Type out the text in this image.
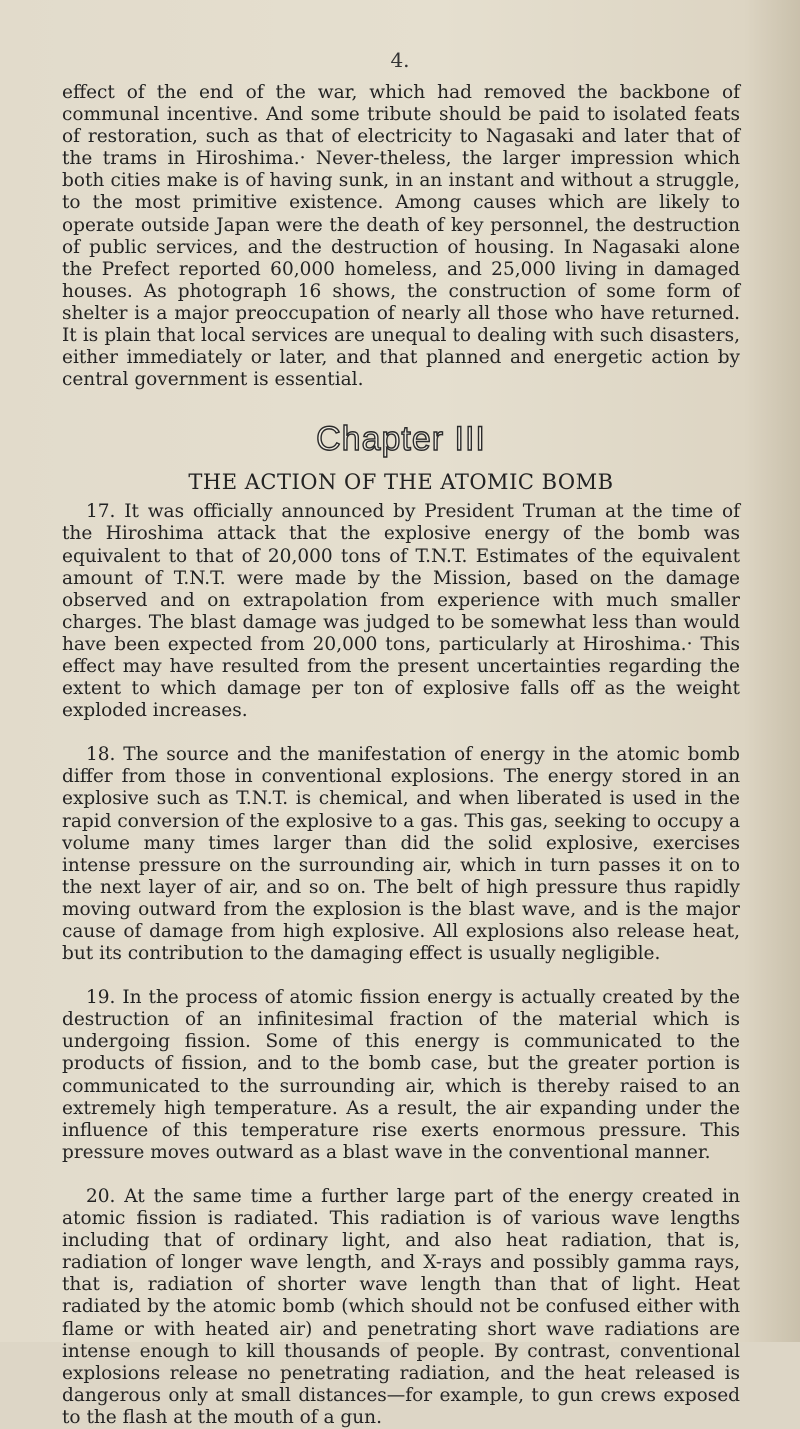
4.

effect of the end of the war, which had removed the backbone of communal incentive. And some tribute should be paid to isolated feats of restoration, such as that of electricity to Nagasaki and later that of the trams in Hiroshima.· Never-theless, the larger impression which both cities make is of having sunk, in an instant and without a struggle, to the most primitive existence. Among causes which are likely to operate outside Japan were the death of key personnel, the destruction of public services, and the destruction of housing. In Nagasaki alone the Prefect reported 60,000 homeless, and 25,000 living in damaged houses. As photograph 16 shows, the construction of some form of shelter is a major preoccupation of nearly all those who have returned. It is plain that local services are unequal to dealing with such disasters, either immediately or later, and that planned and energetic action by central government is essential.

Chapter III
THE ACTION OF THE ATOMIC BOMB

17. It was officially announced by President Truman at the time of the Hiroshima attack that the explosive energy of the bomb was equivalent to that of 20,000 tons of T.N.T. Estimates of the equivalent amount of T.N.T. were made by the Mission, based on the damage observed and on extrapolation from experience with much smaller charges. The blast damage was judged to be somewhat less than would have been expected from 20,000 tons, particularly at Hiroshima.· This effect may have resulted from the present uncertainties regarding the extent to which damage per ton of explosive falls off as the weight exploded increases.

18. The source and the manifestation of energy in the atomic bomb differ from those in conventional explosions. The energy stored in an explosive such as T.N.T. is chemical, and when liberated is used in the rapid conversion of the explosive to a gas. This gas, seeking to occupy a volume many times larger than did the solid explosive, exercises intense pressure on the surrounding air, which in turn passes it on to the next layer of air, and so on. The belt of high pressure thus rapidly moving outward from the explosion is the blast wave, and is the major cause of damage from high explosive. All explosions also release heat, but its contribution to the damaging effect is usually negligible.

19. In the process of atomic fission energy is actually created by the destruction of an infinitesimal fraction of the material which is undergoing fission. Some of this energy is communicated to the products of fission, and to the bomb case, but the greater portion is communicated to the surrounding air, which is thereby raised to an extremely high temperature. As a result, the air expanding under the influence of this temperature rise exerts enormous pressure. This pressure moves outward as a blast wave in the conventional manner.

20. At the same time a further large part of the energy created in atomic fission is radiated. This radiation is of various wave lengths including that of ordinary light, and also heat radiation, that is, radiation of longer wave length, and X-rays and possibly gamma rays, that is, radiation of shorter wave length than that of light. Heat radiated by the atomic bomb (which should not be confused either with flame or with heated air) and penetrating short wave radiations are intense enough to kill thousands of people. By contrast, conventional explosions release no penetrating radiation, and the heat released is dangerous only at small distances—for example, to gun crews exposed to the flash at the mouth of a gun.
